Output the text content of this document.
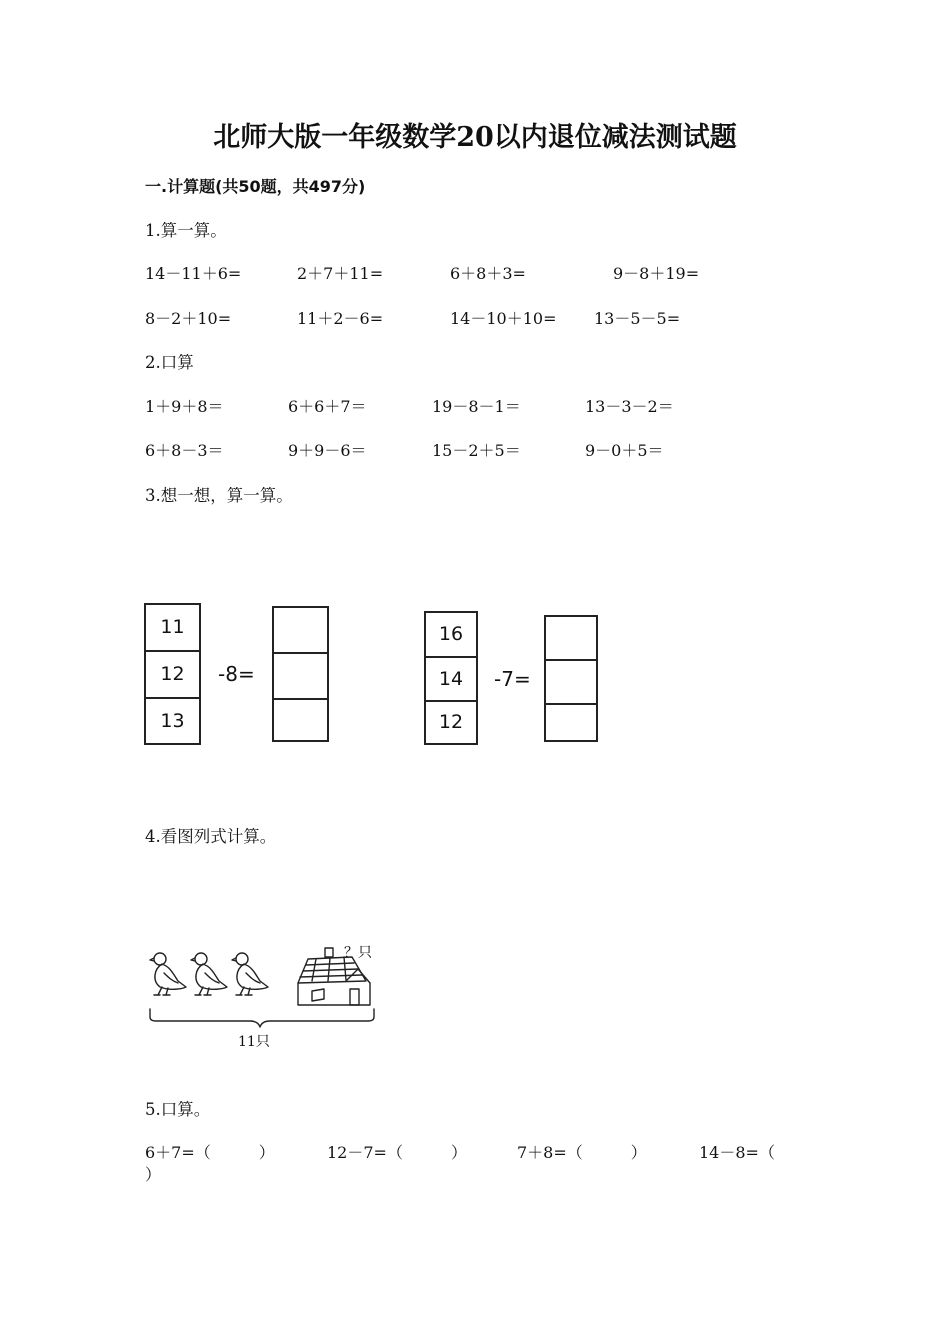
北师大版一年级数学20以内退位减法测试题
一.计算题(共50题，共497分)
1.算一算。
14－11＋6=	2＋7＋11=	6＋8＋3=	9－8＋19=
8－2＋10=	11＋2－6=	14－10＋10= 13－5－5=
2.口算
1＋9＋8＝	6＋6＋7＝	19－8－1＝	13－3－2＝
6＋8－3＝	9＋9－6＝	15－2＋5＝	9－0＋5＝
3.想一想，算一算。
11
12
13
-8=
16
14
12
-7=
4.看图列式计算。
？只
11只
5.口算。
6＋7=（　　　）	12－7=（　　　）	7＋8=（　　　）	14－8=（
）
